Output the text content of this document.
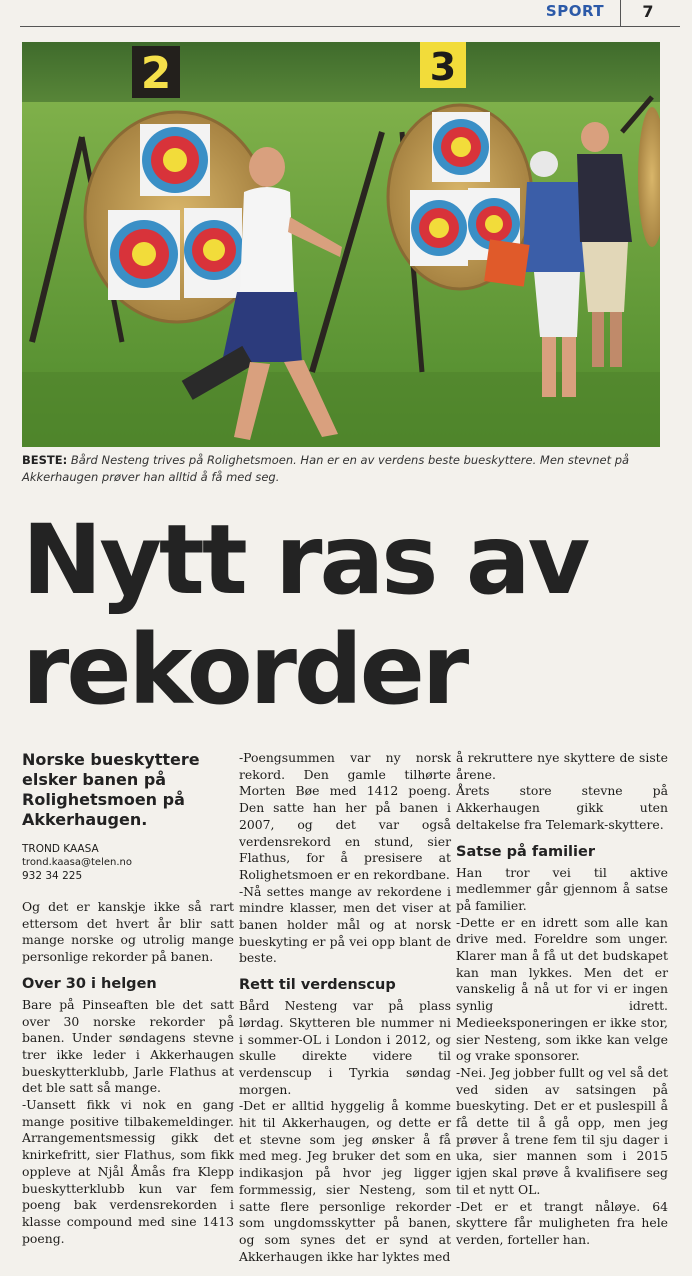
SPORT	7
2	3
BESTE: Bård Nesteng trives på Rolighetsmoen. Han er en av verdens beste bueskyttere. Men stevnet på Akkerhaugen prøver han alltid å få med seg.
Nytt ras av
rekorder
Norske bueskyttere elsker banen på Rolighetsmoen på Akkerhaugen.
TROND KAASA
trond.kaasa@telen.no
932 34 225

Og det er kanskje ikke så rart ettersom det hvert år blir satt mange norske og utrolig mange personlige rekorder på banen.

Over 30 i helgen

Bare på Pinseaften ble det satt over 30 norske rekorder på banen. Under søndagens stevne trer ikke leder i Akkerhaugen bueskytterklubb, Jarle Flathus at det ble satt så mange.

-Uansett fikk vi nok en gang mange positive tilbakemeldinger. Arrangementsmessig gikk det knirkefritt, sier Flathus, som fikk oppleve at Njål Åmås fra Klepp bueskytterklubb kun var fem poeng bak verdensrekorden i klasse compound med sine 1413 poeng.

-Poengsummen var ny norsk rekord. Den gamle tilhørte Morten Bøe med 1412 poeng. Den satte han her på banen i 2007, og det var også verdensrekord en stund, sier Flathus, for å presisere at Rolighetsmoen er en rekordbane.

-Nå settes mange av rekordene i mindre klasser, men det viser at banen holder mål og at norsk bueskyting er på vei opp blant de beste.

Rett til verdenscup

Bård Nesteng var på plass lørdag. Skytteren ble nummer ni i sommer-OL i London i 2012, og skulle direkte videre til verdenscup i Tyrkia søndag morgen.

-Det er alltid hyggelig å komme hit til Akkerhaugen, og dette er et stevne som jeg ønsker å få med meg. Jeg bruker det som en indikasjon på hvor jeg ligger formmessig, sier Nesteng, som satte flere personlige rekorder som ungdomsskytter på banen, og som synes det er synd at Akkerhaugen ikke har lyktes med

å rekruttere nye skyttere de siste årene.

Årets store stevne på Akkerhaugen gikk uten deltakelse fra Telemark-skyttere.

Satse på familier

Han tror vei til aktive medlemmer går gjennom å satse på familier.

-Dette er en idrett som alle kan drive med. Foreldre som unger. Klarer man å få ut det budskapet kan man lykkes. Men det er vanskelig å nå ut for vi er ingen synlig idrett. Medieeksponeringen er ikke stor, sier Nesteng, som ikke kan velge og vrake sponsorer.

-Nei. Jeg jobber fullt og vel så det ved siden av satsingen på bueskyting. Det er et puslespill å få dette til å gå opp, men jeg prøver å trene fem til sju dager i uka, sier mannen som i 2015 igjen skal prøve å kvalifisere seg til et nytt OL.

-Det er et trangt nåløye. 64 skyttere får muligheten fra hele verden, forteller han.
